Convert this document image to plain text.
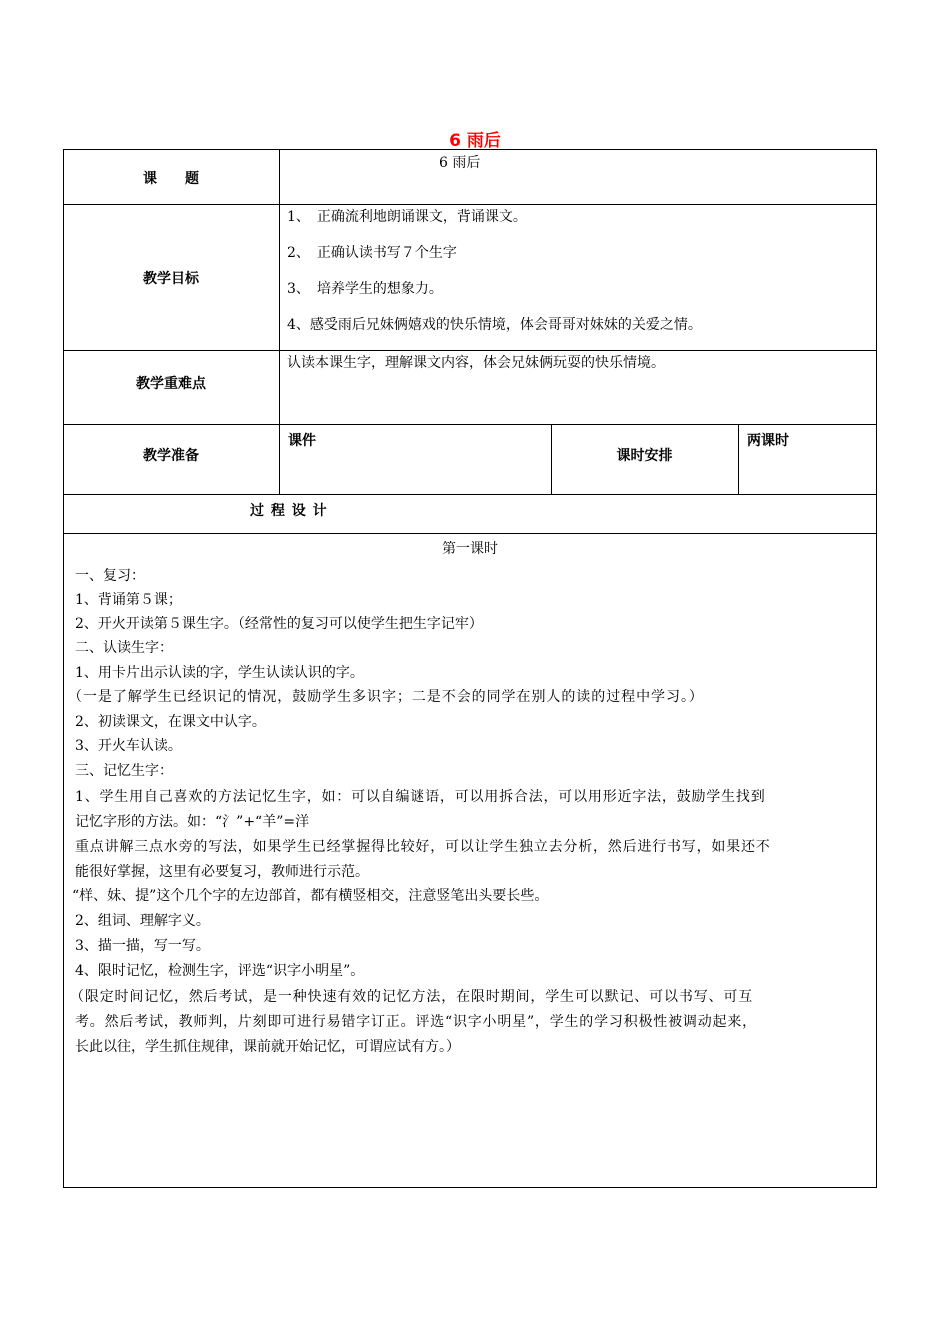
6 雨后
课　　题
6 雨后
教学目标
1、　正确流利地朗诵课文，背诵课文。
2、　正确认读书写７个生字
3、　培养学生的想象力。
4、感受雨后兄妹俩嬉戏的快乐情境，体会哥哥对妹妹的关爱之情。
教学重难点
认读本课生字，理解课文内容，体会兄妹俩玩耍的快乐情境。
教学准备
课件
课时安排
两课时
过 程 设 计
第一课时
一、复习：
1、背诵第５课；
2、开火开读第５课生字。（经常性的复习可以使学生把生字记牢）
二、认读生字：
1、用卡片出示认读的字，学生认读认识的字。
（一是了解学生已经识记的情况，鼓励学生多识字；二是不会的同学在别人的读的过程中学习。）
2、初读课文，在课文中认字。
3、开火车认读。
三、记忆生字：
1、学生用自己喜欢的方法记忆生字，如：可以自编谜语，可以用拆合法，可以用形近字法，鼓励学生找到
记忆字形的方法。如：“氵”+“羊”=洋
重点讲解三点水旁的写法，如果学生已经掌握得比较好，可以让学生独立去分析，然后进行书写，如果还不
能很好掌握，这里有必要复习，教师进行示范。
“样、妹、提”这个几个字的左边部首，都有横竖相交，注意竖笔出头要长些。
2、组词、理解字义。
3、描一描，写一写。
4、限时记忆，检测生字，评选“识字小明星”。
（限定时间记忆，然后考试，是一种快速有效的记忆方法，在限时期间，学生可以默记、可以书写、可互
考。然后考试，教师判，片刻即可进行易错字订正。评选“识字小明星”，学生的学习积极性被调动起来，
长此以往，学生抓住规律，课前就开始记忆，可谓应试有方。）
